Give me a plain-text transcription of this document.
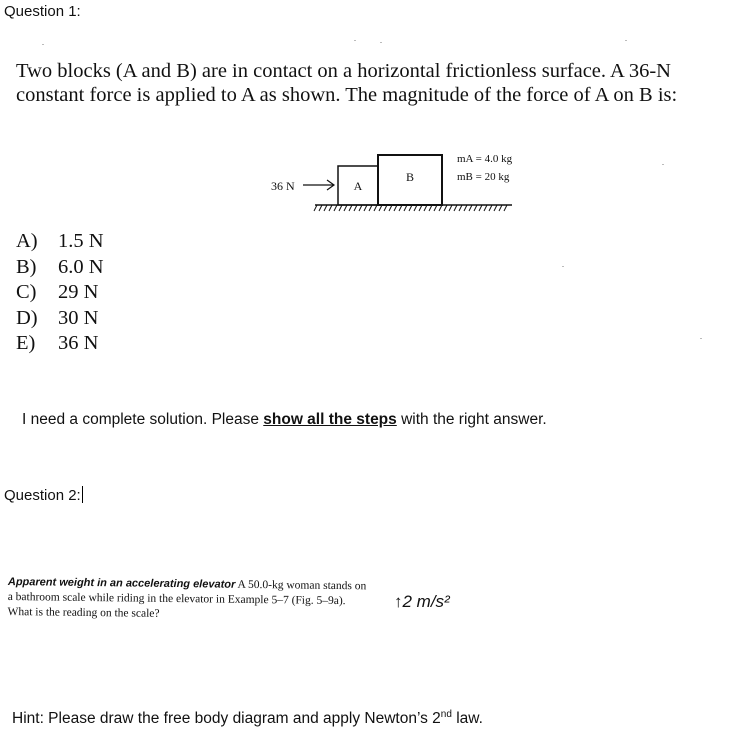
Question 1:
Two blocks (A and B) are in contact on a horizontal frictionless surface. A 36-N constant force is applied to A as shown. The magnitude of the force of A on B is:
36 N	A
B
mA = 4.0 kg
mB = 20 kg
A) 1.5 N
B) 6.0 N
C) 29 N
D) 30 N
E) 36 N
I need a complete solution. Please show all the steps with the right answer.
Question 2:
Apparent weight in an accelerating elevator A 50.0-kg woman stands on a bathroom scale while riding in the elevator in Example 5–7 (Fig. 5–9a). What is the reading on the scale?
↑2 m/s²
Hint: Please draw the free body diagram and apply Newton’s 2nd law.
